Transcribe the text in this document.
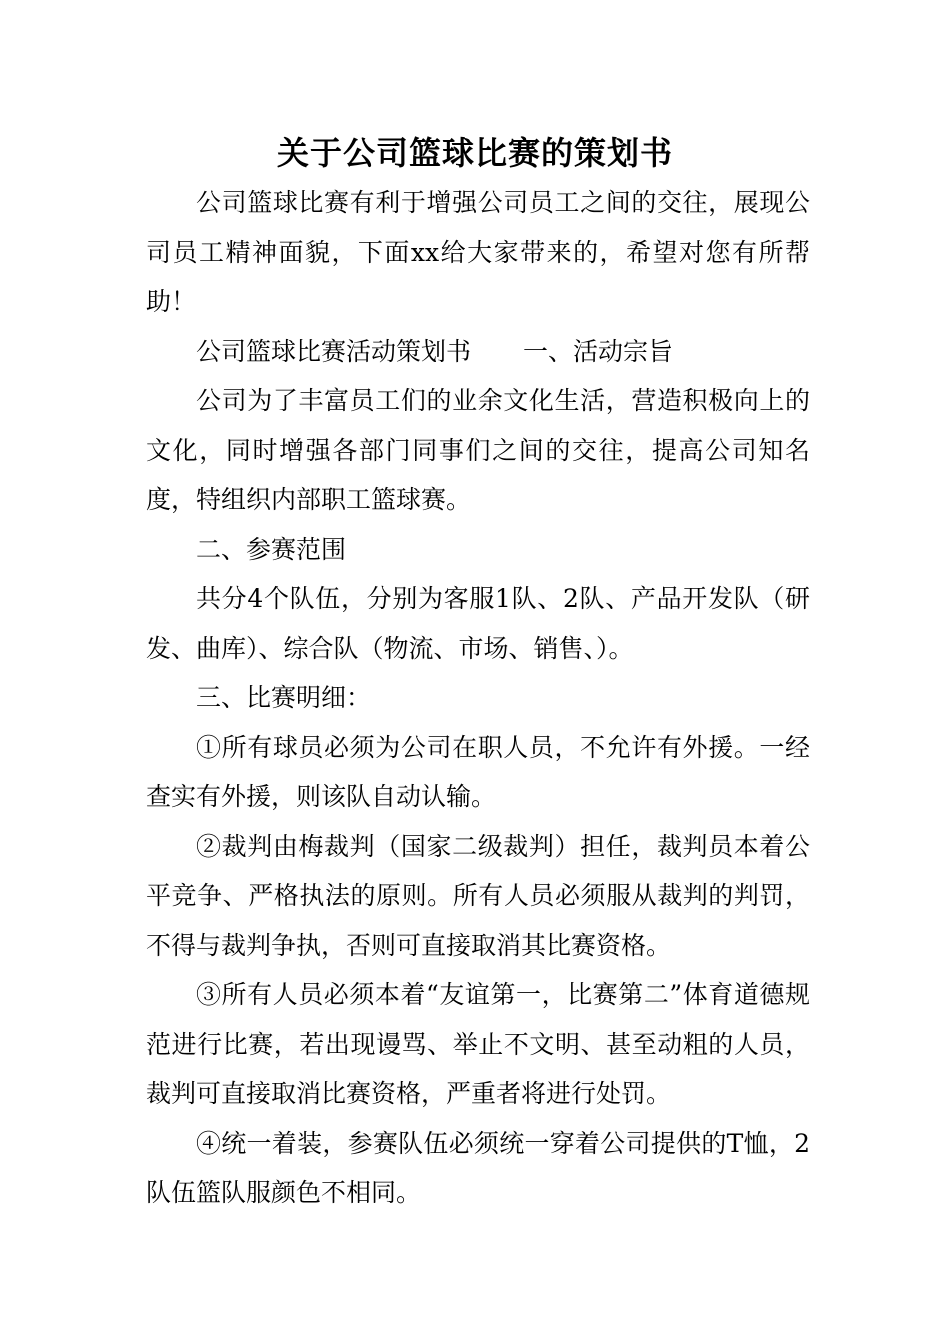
关于公司篮球比赛的策划书

公司篮球比赛有利于增强公司员工之间的交往，展现公司员工精神面貌，下面xx给大家带来的，希望对您有所帮助！

公司篮球比赛活动策划书 一、活动宗旨

公司为了丰富员工们的业余文化生活，营造积极向上的文化，同时增强各部门同事们之间的交往，提高公司知名度，特组织内部职工篮球赛。

二、参赛范围

共分4个队伍，分别为客服1队、2队、产品开发队（研发、曲库）、综合队（物流、市场、销售、）。

三、比赛明细：

①所有球员必须为公司在职人员，不允许有外援。一经查实有外援，则该队自动认输。

②裁判由梅裁判（国家二级裁判）担任，裁判员本着公平竞争、严格执法的原则。所有人员必须服从裁判的判罚，不得与裁判争执，否则可直接取消其比赛资格。

③所有人员必须本着“友谊第一，比赛第二”体育道德规范进行比赛，若出现谩骂、举止不文明、甚至动粗的人员，裁判可直接取消比赛资格，严重者将进行处罚。

④统一着装，参赛队伍必须统一穿着公司提供的T恤，2队伍篮队服颜色不相同。
